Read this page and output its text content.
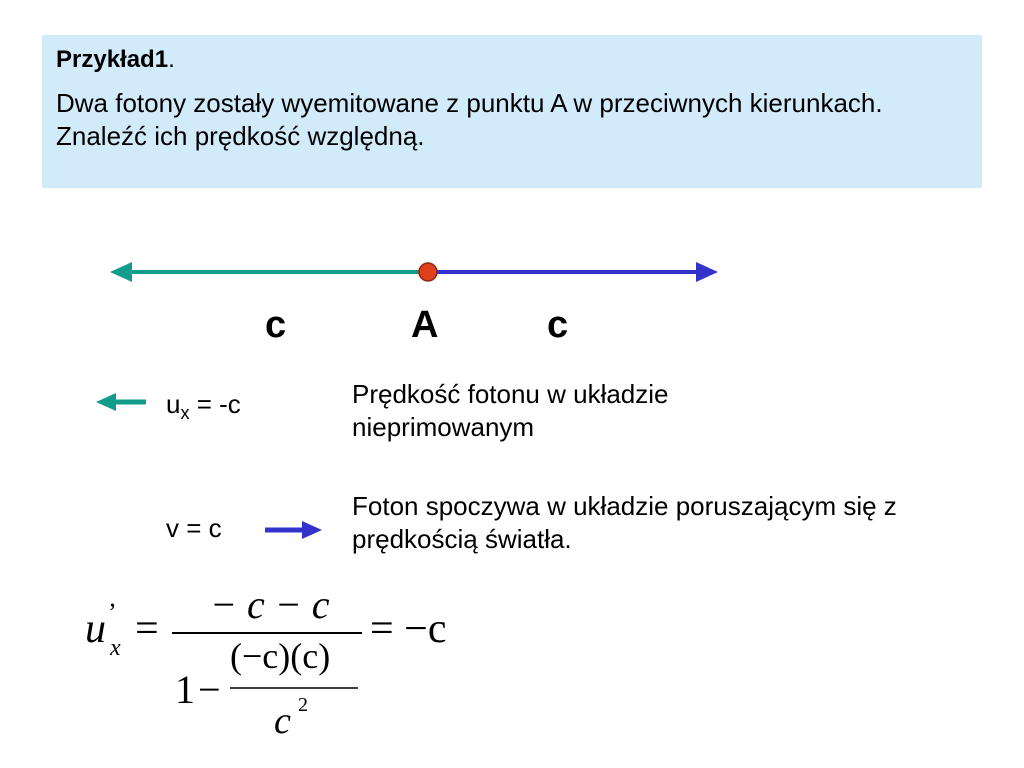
Przykład1.

Dwa fotony zostały wyemitowane z punktu A w przeciwnych kierunkach. Znaleźć ich prędkość względną.

c	A	c
$u_x = -c$	Prędkość fotonu w układzie nieprimowanym
v = c
Foton spoczywa w układzie poruszającym się z prędkością światła.
u ’
x =
− c − c
1 −
(−c)(c)
c 2
= −c
